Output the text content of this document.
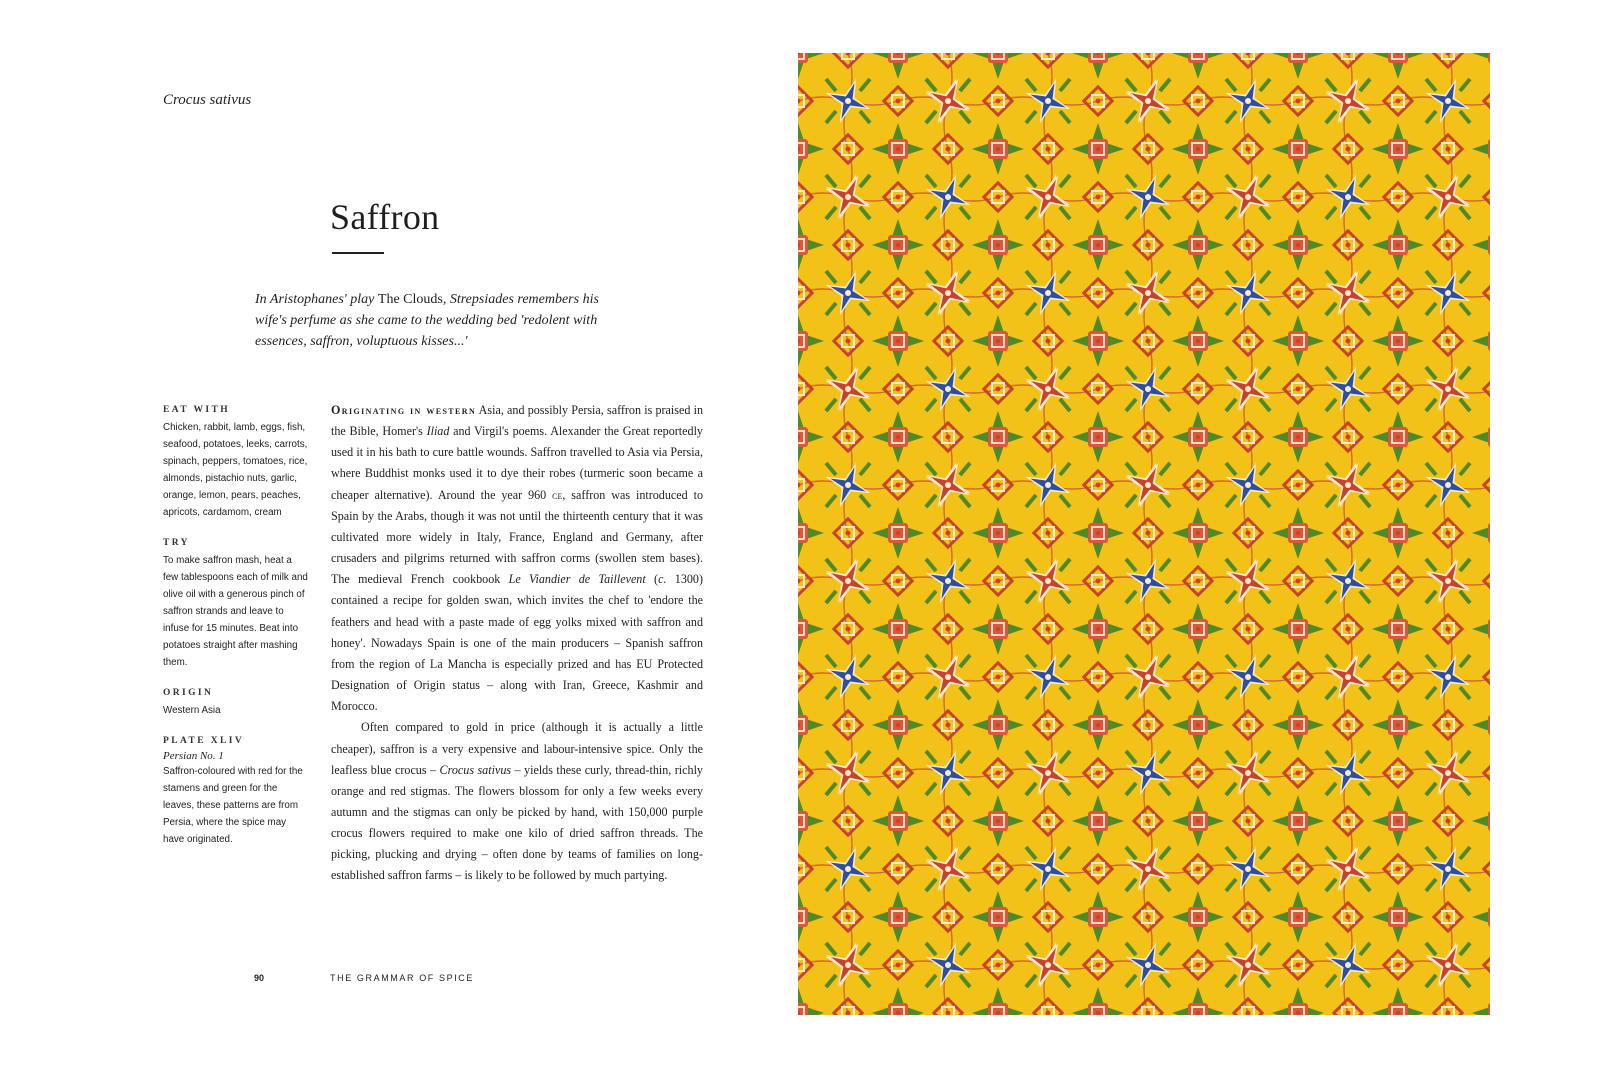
Crocus sativus
Saffron
In Aristophanes' play The Clouds, Strepsiades remembers his wife's perfume as she came to the wedding bed 'redolent with essences, saffron, voluptuous kisses...'
EAT WITH
Chicken, rabbit, lamb, eggs, fish, seafood, potatoes, leeks, carrots, spinach, peppers, tomatoes, rice, almonds, pistachio nuts, garlic, orange, lemon, pears, peaches, apricots, cardamom, cream
TRY
To make saffron mash, heat a few tablespoons each of milk and olive oil with a generous pinch of saffron strands and leave to infuse for 15 minutes. Beat into potatoes straight after mashing them.
ORIGIN
Western Asia
PLATE XLIV
Persian No. 1
Saffron-coloured with red for the stamens and green for the leaves, these patterns are from Persia, where the spice may have originated.

Originating in western Asia, and possibly Persia, saffron is praised in the Bible, Homer's Iliad and Virgil's poems. Alexander the Great reportedly used it in his bath to cure battle wounds. Saffron travelled to Asia via Persia, where Buddhist monks used it to dye their robes (turmeric soon became a cheaper alternative). Around the year 960 ce, saffron was introduced to Spain by the Arabs, though it was not until the thirteenth century that it was cultivated more widely in Italy, France, England and Germany, after crusaders and pilgrims returned with saffron corms (swollen stem bases). The medieval French cookbook Le Viandier de Taillevent (c. 1300) contained a recipe for golden swan, which invites the chef to 'endore the feathers and head with a paste made of egg yolks mixed with saffron and honey'. Nowadays Spain is one of the main producers – Spanish saffron from the region of La Mancha is especially prized and has EU Protected Designation of Origin status – along with Iran, Greece, Kashmir and Morocco.

Often compared to gold in price (although it is actually a little cheaper), saffron is a very expensive and labour-intensive spice. Only the leafless blue crocus – Crocus sativus – yields these curly, thread-thin, richly orange and red stigmas. The flowers blossom for only a few weeks every autumn and the stigmas can only be picked by hand, with 150,000 purple crocus flowers required to make one kilo of dried saffron threads. The picking, plucking and drying – often done by teams of families on long-established saffron farms – is likely to be followed by much partying.

90	THE GRAMMAR OF SPICE
